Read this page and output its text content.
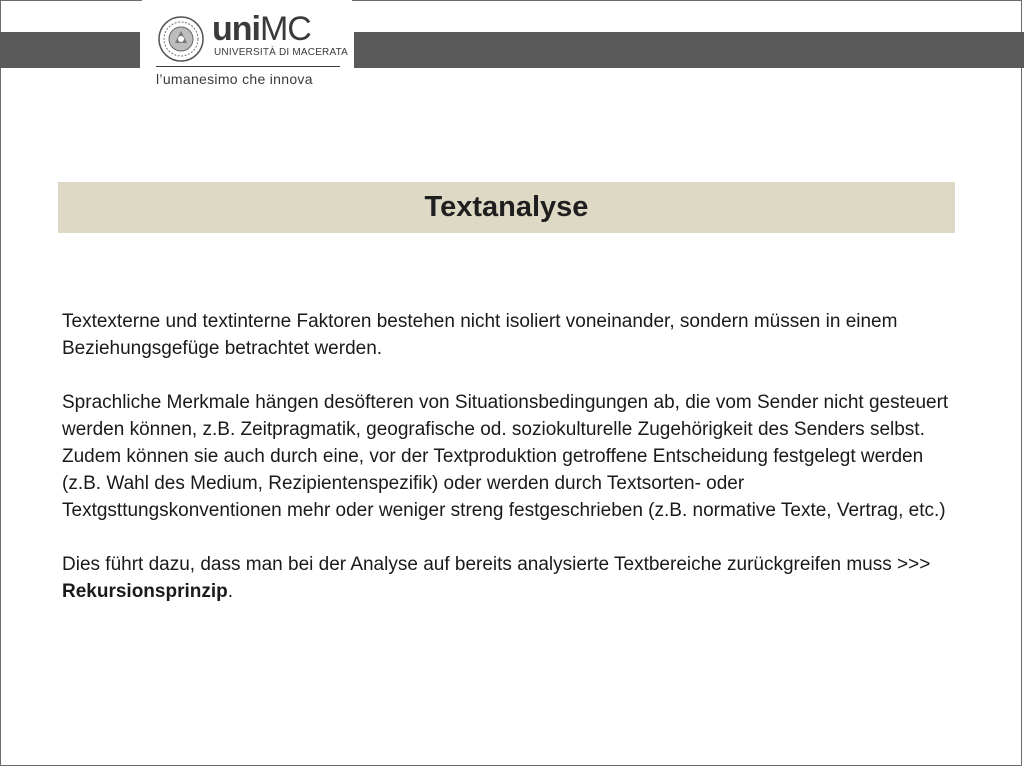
uniMC
UNIVERSITÀ DI MACERATA
l’umanesimo che innova
Textanalyse

Textexterne und textinterne Faktoren bestehen nicht isoliert voneinander, sondern müssen in einem Beziehungsgefüge betrachtet werden.

Sprachliche Merkmale hängen desöfteren von Situationsbedingungen ab, die vom Sender nicht gesteuert werden können, z.B. Zeitpragmatik, geografische od. soziokulturelle Zugehörigkeit des Senders selbst. Zudem können sie auch durch eine, vor der Textproduktion getroffene Entscheidung festgelegt werden (z.B. Wahl des Medium, Rezipientenspezifik) oder werden durch Textsorten- oder Textgsttungskonventionen mehr oder weniger streng festgeschrieben (z.B. normative Texte, Vertrag, etc.)

Dies führt dazu, dass man bei der Analyse auf bereits analysierte Textbereiche zurückgreifen muss >>> Rekursionsprinzip.
